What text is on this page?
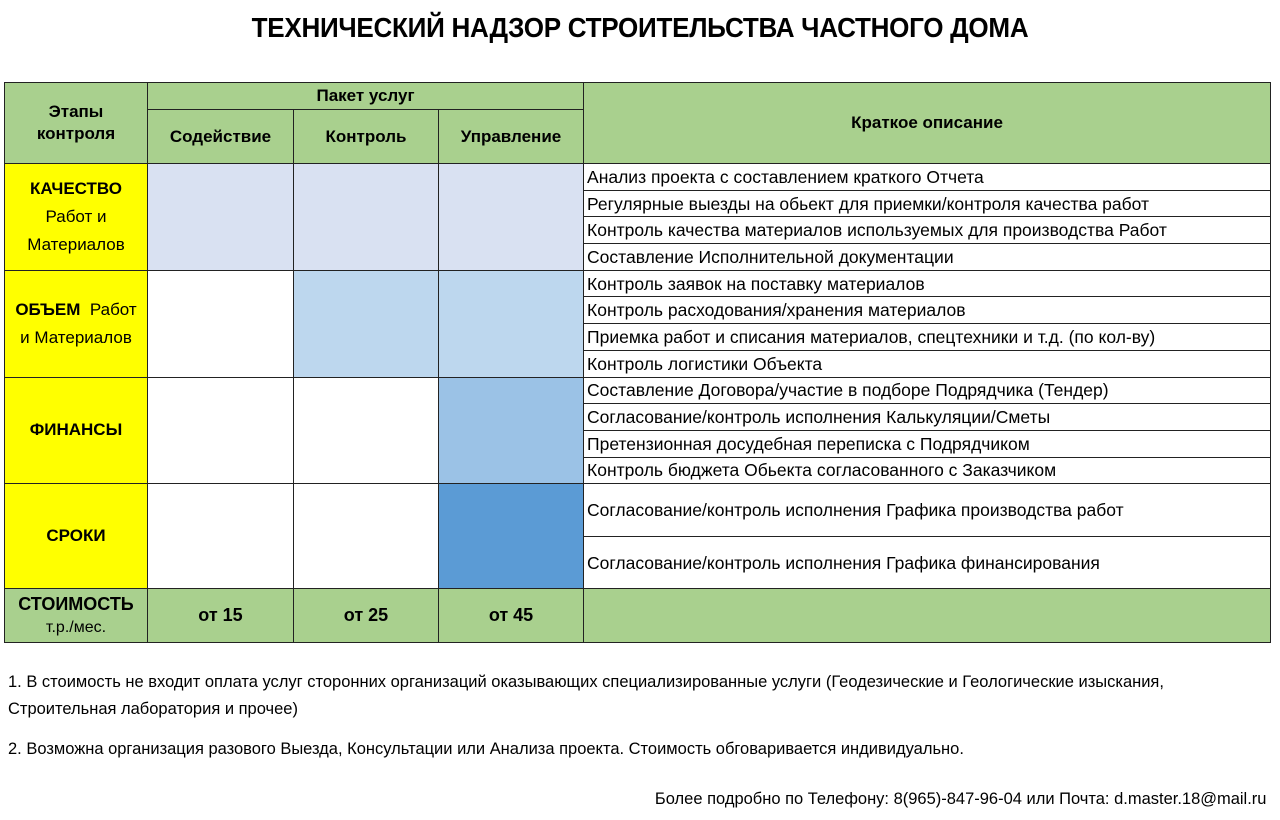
ТЕХНИЧЕСКИЙ НАДЗОР СТРОИТЕЛЬСТВА ЧАСТНОГО ДОМА
Этапы
контроля	Пакет услуг			Краткое описание
	Содействие	Контроль	Управление	
КАЧЕСТВО
Работ и
Материалов				Анализ проекта с составлением краткого Отчета
				Регулярные выезды на обьект для приемки/контроля качества работ
				Контроль качества материалов используемых для производства Работ
				Составление Исполнительной документации
ОБЪЕМ Работ
и Материалов				Контроль заявок на поставку материалов
				Контроль расходования/хранения материалов
				Приемка работ и списания материалов, спецтехники и т.д. (по кол-ву)
				Контроль логистики Объекта
ФИНАНСЫ				Составление Договора/участие в подборе Подрядчика (Тендер)
				Согласование/контроль исполнения Калькуляции/Сметы
				Претензионная досудебная переписка с Подрядчиком
				Контроль бюджета Обьекта согласованного с Заказчиком
СРОКИ				Согласование/контроль исполнения Графика производства работ
				Согласование/контроль исполнения Графика финансирования
СТОИМОСТЬ
т.р./мес.	от 15	от 25	от 45	
1. В стоимость не входит оплата услуг сторонних организаций оказывающих специализированные услуги (Геодезические и Геологические изыскания, Строительная лаборатория и прочее)
2. Возможна организация разового Выезда, Консультации или Анализа проекта. Стоимость обговаривается индивидуально.
Более подробно по Телефону: 8(965)-847-96-04 или Почта: d.master.18@mail.ru
